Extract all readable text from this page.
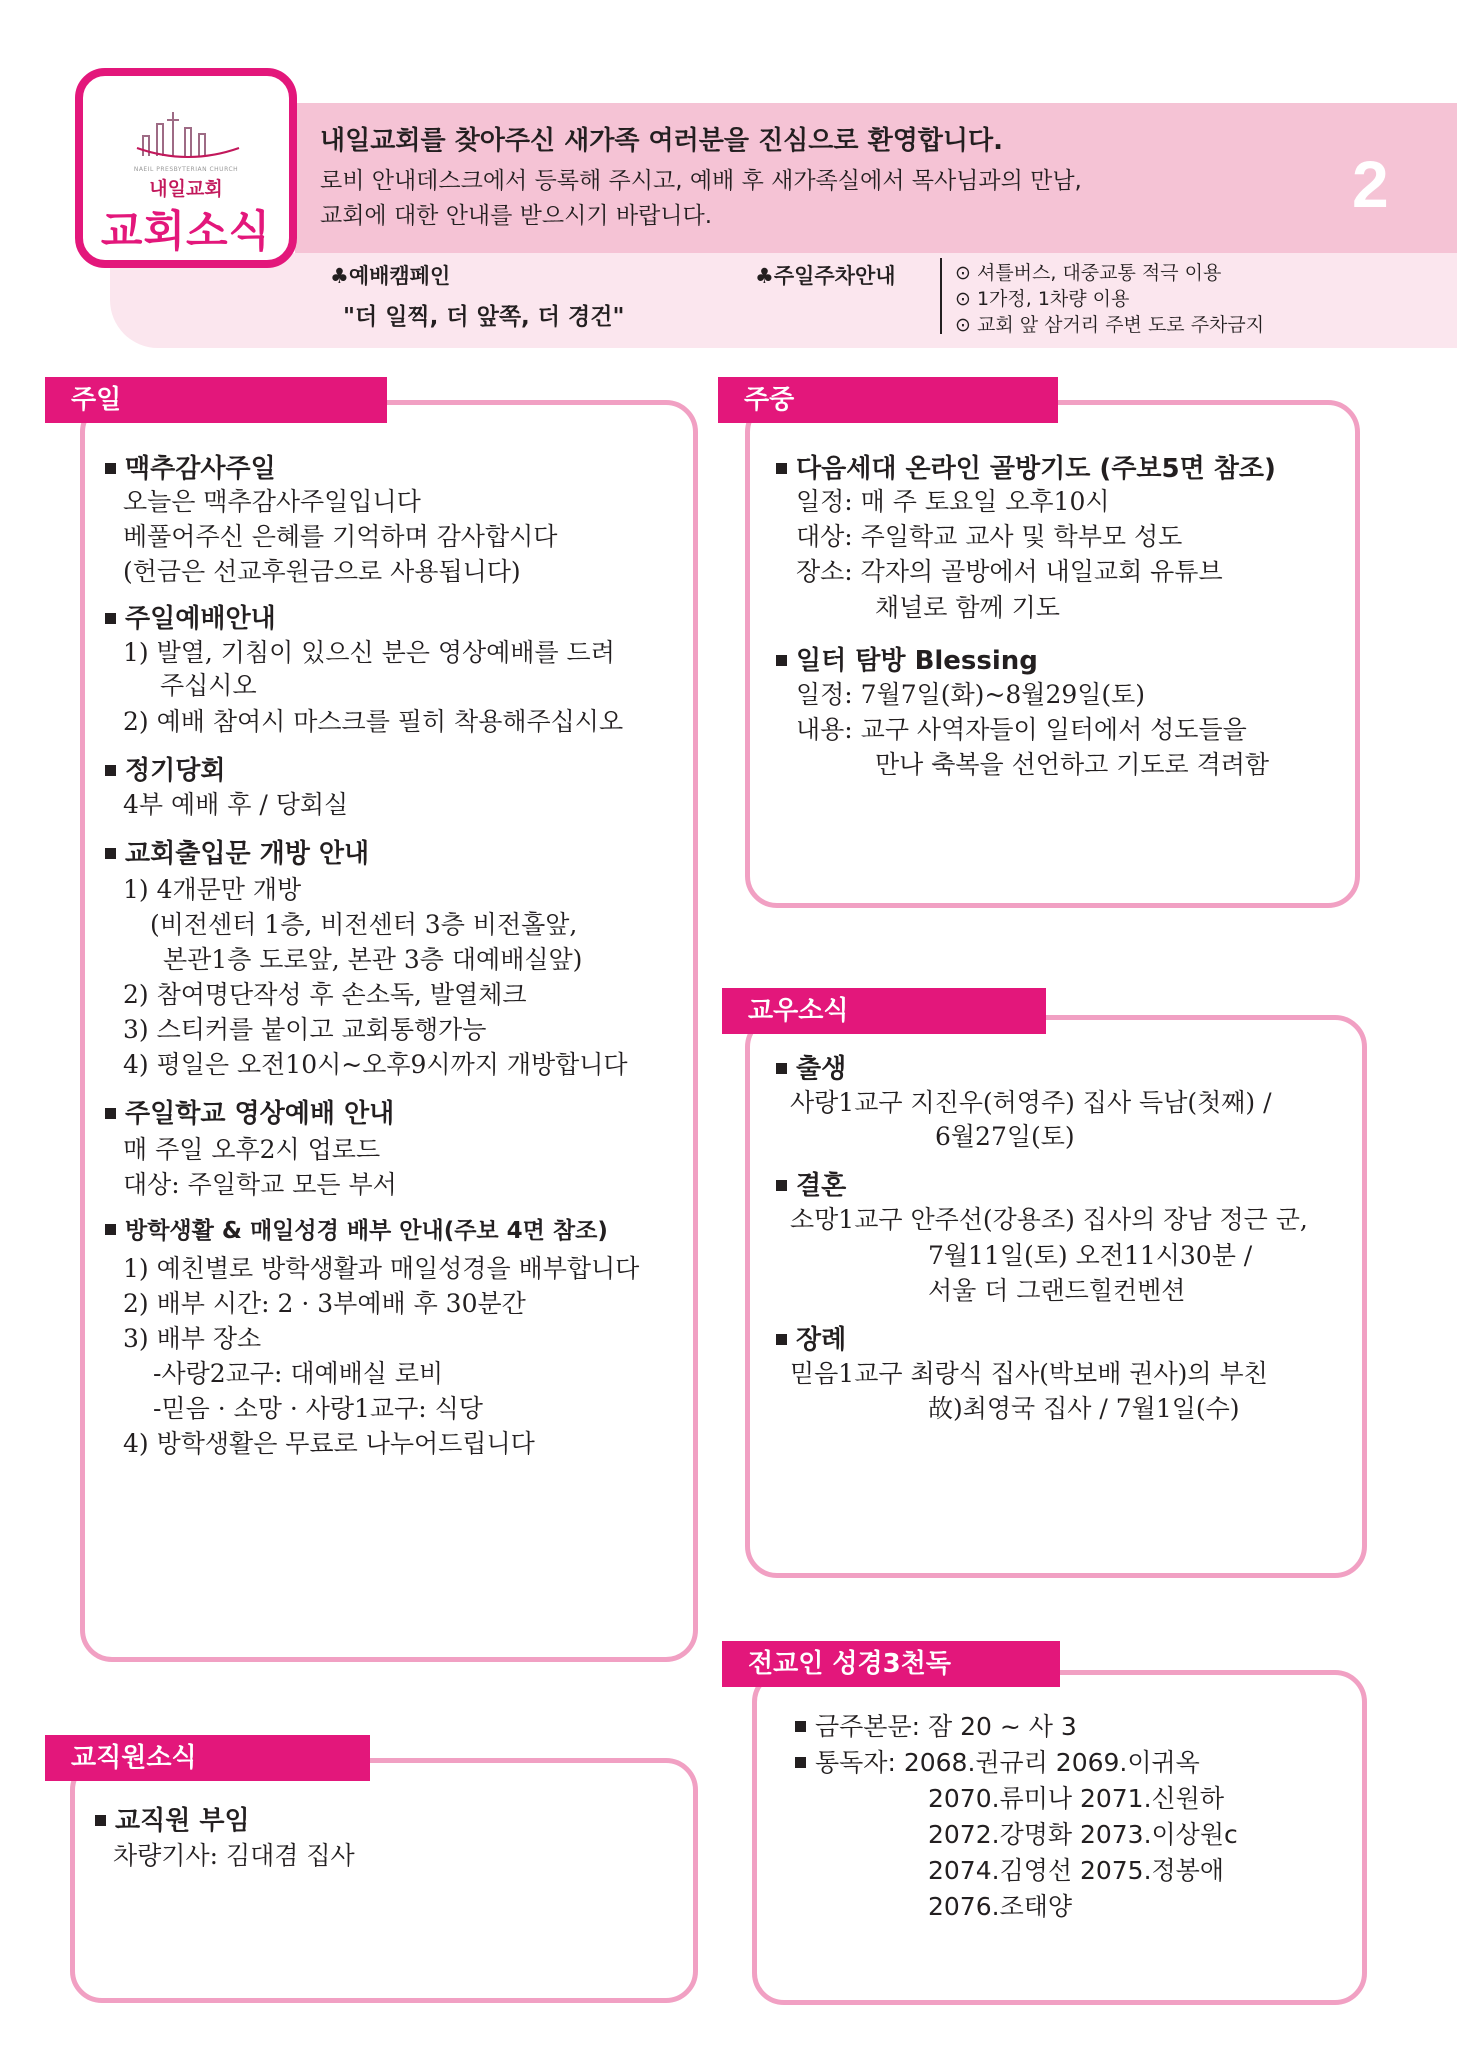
NAEIL PRESBYTERIAN CHURCH
내일교회
교회소식
내일교회를 찾아주신 새가족 여러분을 진심으로 환영합니다.
로비 안내데스크에서 등록해 주시고, 예배 후 새가족실에서 목사님과의 만남,
교회에 대한 안내를 받으시기 바랍니다.	2
♣예배캠페인
"더 일찍, 더 앞쪽, 더 경건"
♣주일주차안내	⊙ 셔틀버스, 대중교통 적극 이용
⊙ 1가정, 1차량 이용
⊙ 교회 앞 삼거리 주변 도로 주차금지
주일
맥추감사주일
오늘은 맥추감사주일입니다
베풀어주신 은혜를 기억하며 감사합시다
(헌금은 선교후원금으로 사용됩니다)
주일예배안내
1) 발열, 기침이 있으신 분은 영상예배를 드려
주십시오
2) 예배 참여시 마스크를 필히 착용해주십시오
정기당회
4부 예배 후 / 당회실
교회출입문 개방 안내
1) 4개문만 개방
(비전센터 1층, 비전센터 3층 비전홀앞,
본관1층 도로앞, 본관 3층 대예배실앞)
2) 참여명단작성 후 손소독, 발열체크
3) 스티커를 붙이고 교회통행가능
4) 평일은 오전10시~오후9시까지 개방합니다
주일학교 영상예배 안내
매 주일 오후2시 업로드
대상: 주일학교 모든 부서
방학생활 & 매일성경 배부 안내(주보 4면 참조)
1) 예친별로 방학생활과 매일성경을 배부합니다
2) 배부 시간: 2 · 3부예배 후 30분간
3) 배부 장소
-사랑2교구: 대예배실 로비
-믿음 · 소망 · 사랑1교구: 식당
4) 방학생활은 무료로 나누어드립니다
주중
다음세대 온라인 골방기도 (주보5면 참조)
일정: 매 주 토요일 오후10시
대상: 주일학교 교사 및 학부모 성도
장소: 각자의 골방에서 내일교회 유튜브
채널로 함께 기도
일터 탐방 Blessing
일정: 7월7일(화)~8월29일(토)
내용: 교구 사역자들이 일터에서 성도들을
만나 축복을 선언하고 기도로 격려함
교우소식
출생
사랑1교구 지진우(허영주) 집사 득남(첫째) /
6월27일(토)
결혼
소망1교구 안주선(강용조) 집사의 장남 정근 군,
7월11일(토) 오전11시30분 /
서울 더 그랜드힐컨벤션
장례
믿음1교구 최랑식 집사(박보배 권사)의 부친
故)최영국 집사 / 7월1일(수)
교직원소식
교직원 부임
차량기사: 김대겸 집사
전교인 성경3천독
금주본문: 잠 20 ~ 사 3
통독자: 2068.권규리 2069.이귀옥
2070.류미나 2071.신원하
2072.강명화 2073.이상원c
2074.김영선 2075.정봉애
2076.조태양
